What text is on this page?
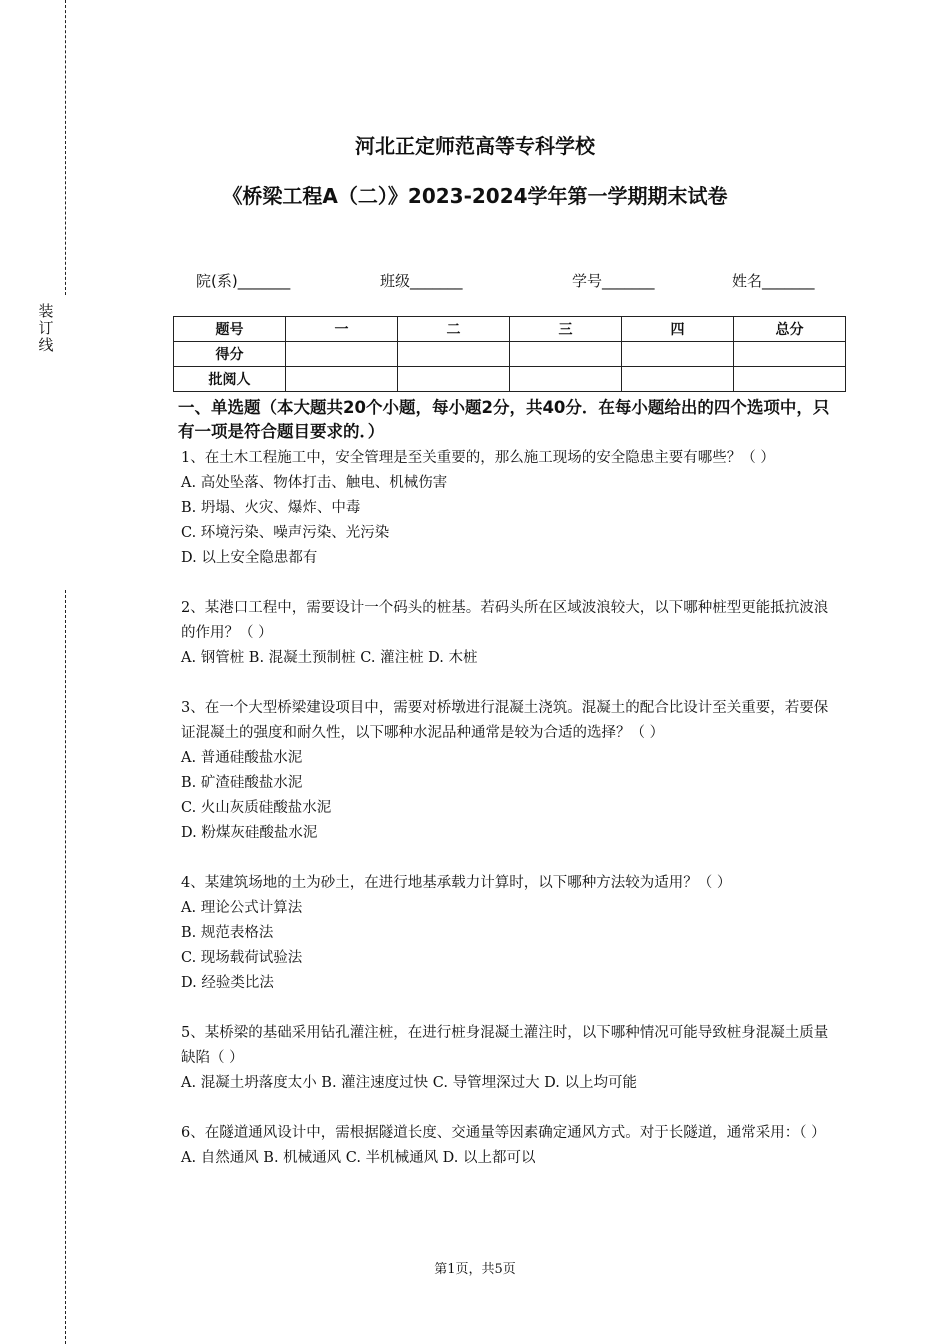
装订线
河北正定师范高等专科学校
《桥梁工程A（二）》2023-2024学年第一学期期末试卷
院(系)_______	班级_______	学号_______	姓名_______
题号	一	二	三	四	总分
得分					
批阅人					
一、单选题（本大题共20个小题，每小题2分，共40分．在每小题给出的四个选项中，只有一项是符合题目要求的．）

1、在土木工程施工中，安全管理是至关重要的，那么施工现场的安全隐患主要有哪些？（ ）

A. 高处坠落、物体打击、触电、机械伤害

B. 坍塌、火灾、爆炸、中毒

C. 环境污染、噪声污染、光污染

D. 以上安全隐患都有

2、某港口工程中，需要设计一个码头的桩基。若码头所在区域波浪较大，以下哪种桩型更能抵抗波浪的作用？（ ）

A. 钢管桩 B. 混凝土预制桩 C. 灌注桩 D. 木桩

3、在一个大型桥梁建设项目中，需要对桥墩进行混凝土浇筑。混凝土的配合比设计至关重要，若要保证混凝土的强度和耐久性，以下哪种水泥品种通常是较为合适的选择？（ ）

A. 普通硅酸盐水泥

B. 矿渣硅酸盐水泥

C. 火山灰质硅酸盐水泥

D. 粉煤灰硅酸盐水泥

4、某建筑场地的土为砂土，在进行地基承载力计算时，以下哪种方法较为适用？（ ）

A. 理论公式计算法

B. 规范表格法

C. 现场载荷试验法

D. 经验类比法

5、某桥梁的基础采用钻孔灌注桩，在进行桩身混凝土灌注时，以下哪种情况可能导致桩身混凝土质量缺陷（ ）

A. 混凝土坍落度太小 B. 灌注速度过快 C. 导管埋深过大 D. 以上均可能

6、在隧道通风设计中，需根据隧道长度、交通量等因素确定通风方式。对于长隧道，通常采用：（ ）

A. 自然通风 B. 机械通风 C. 半机械通风 D. 以上都可以

第1页，共5页
